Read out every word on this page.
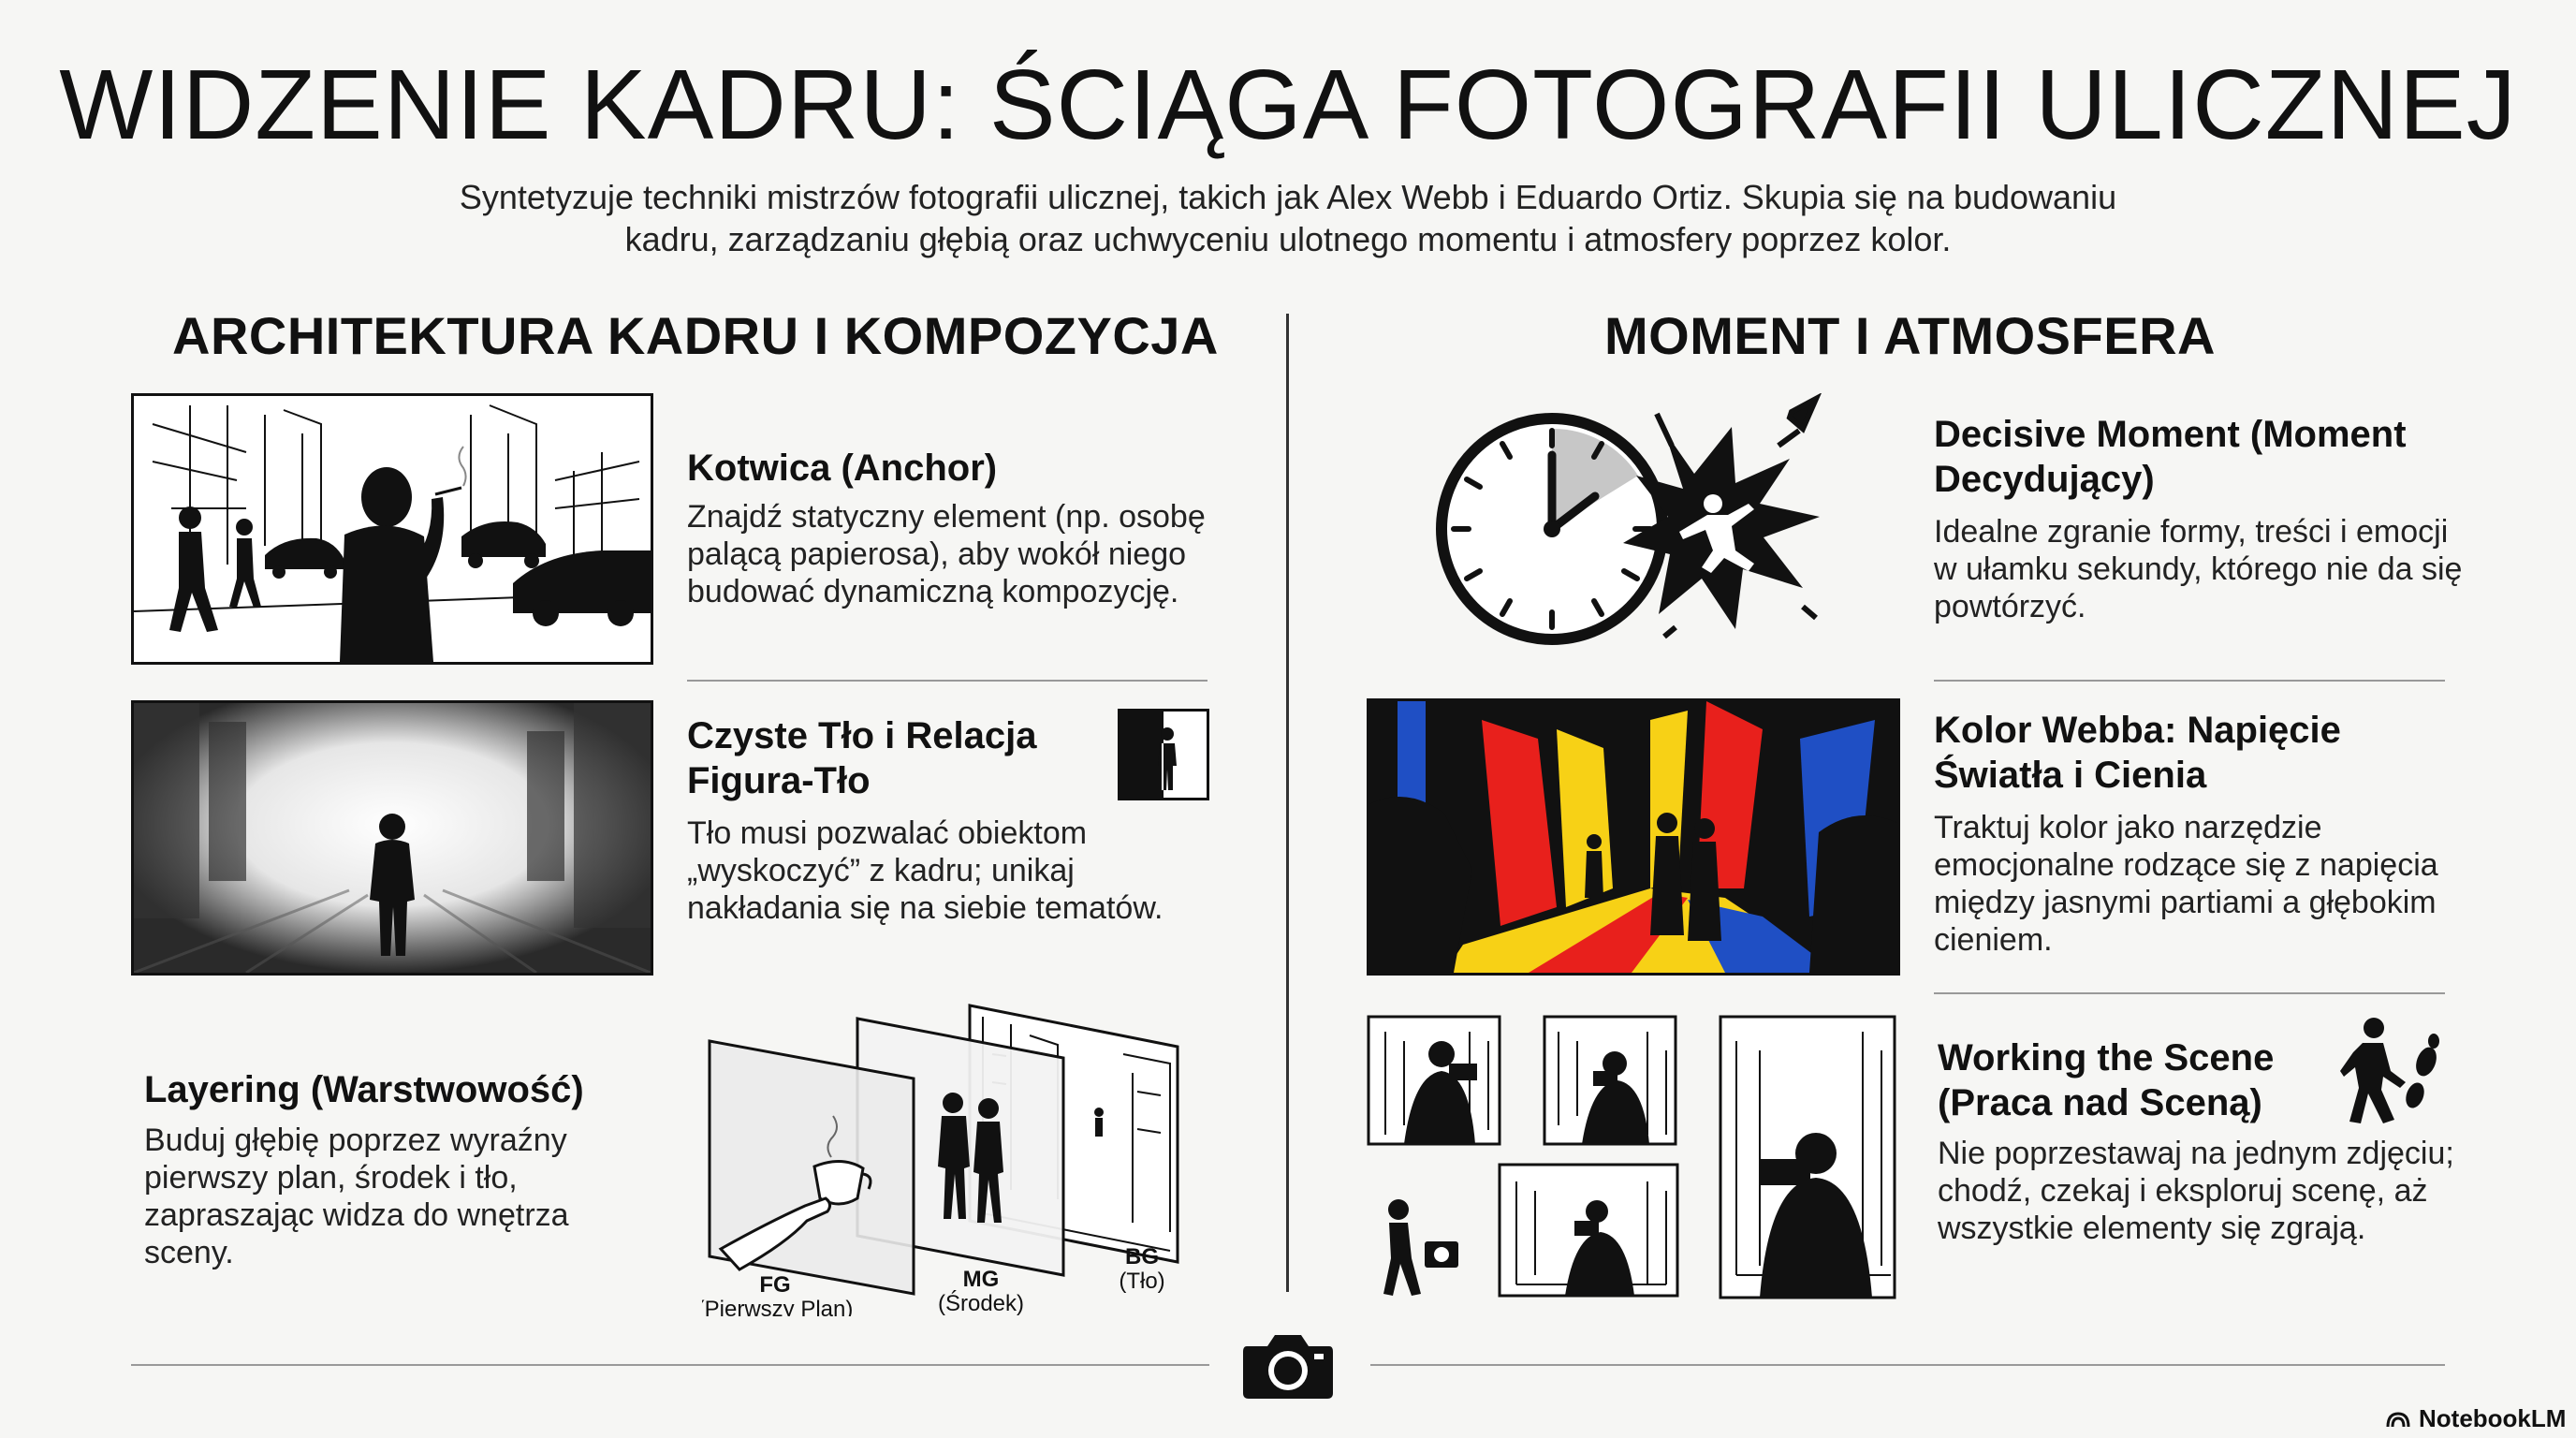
WIDZENIE KADRU: ŚCIĄGA FOTOGRAFII ULICZNEJ
Syntetyzuje techniki mistrzów fotografii ulicznej, takich jak Alex Webb i Eduardo Ortiz. Skupia się na budowaniu kadru, zarządzaniu głębią oraz uchwyceniu ulotnego momentu i atmosfery poprzez kolor.
ARCHITEKTURA KADRU I KOMPOZYCJA	MOMENT I ATMOSFERA
Kotwica (Anchor)
Znajdź statyczny element (np. osobę palącą papierosa), aby wokół niego budować dynamiczną kompozycję.
Czyste Tło i Relacja Figura-Tło
Tło musi pozwalać obiektom „wyskoczyć” z kadru; unikaj nakładania się na siebie tematów.
Layering (Warstwowość)
Buduj głębię poprzez wyraźny pierwszy plan, środek i tło, zapraszając widza do wnętrza sceny.
FG
(Pierwszy Plan)
MG
(Środek)
BG
(Tło)
Decisive Moment (Moment Decydujący)
Idealne zgranie formy, treści i emocji w ułamku sekundy, którego nie da się powtórzyć.
Kolor Webba: Napięcie Światła i Cienia
Traktuj kolor jako narzędzie emocjonalne rodzące się z napięcia między jasnymi partiami a głębokim cieniem.
Working the Scene (Praca nad Sceną)
Nie poprzestawaj na jednym zdjęciu; chodź, czekaj i eksploruj scenę, aż wszystkie elementy się zgrają.
NotebookLM
